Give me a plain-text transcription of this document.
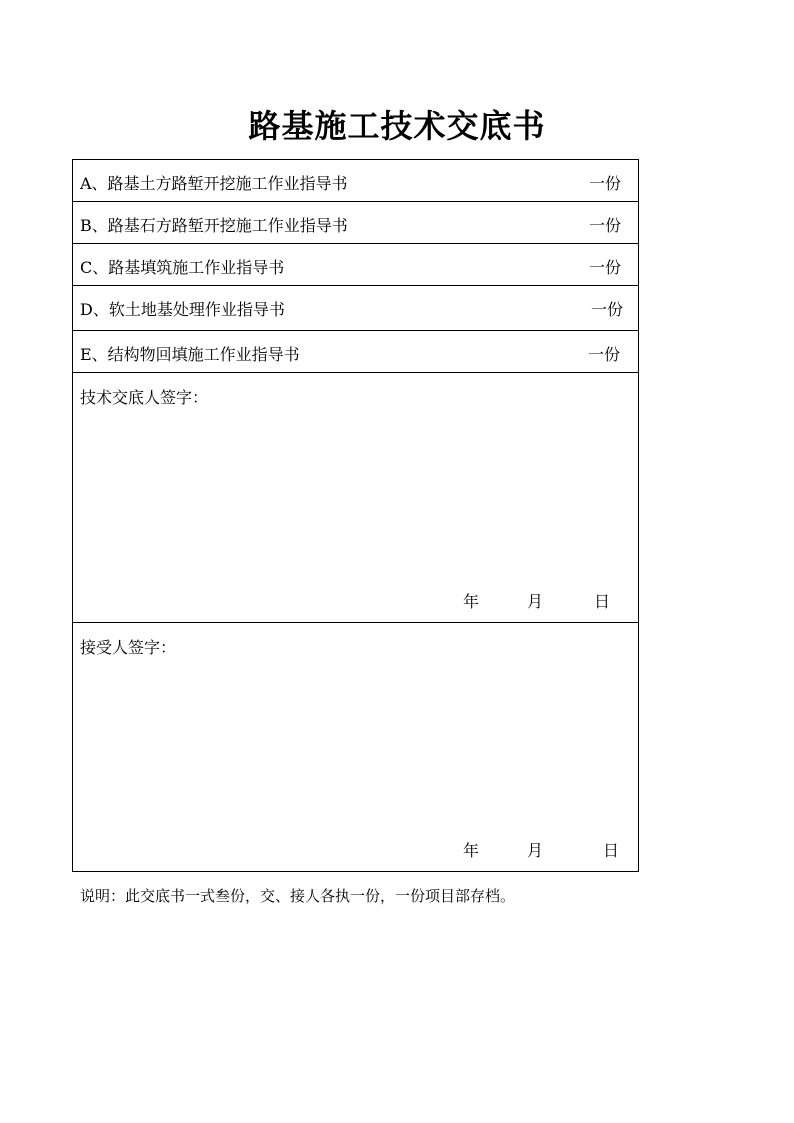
路基施工技术交底书
A、路基土方路堑开挖施工作业指导书	一份
B、路基石方路堑开挖施工作业指导书	一份
C、路基填筑施工作业指导书	一份
D、软土地基处理作业指导书	一份
E、结构物回填施工作业指导书	一份
技术交底人签字：
年	月	日
接受人签字：
年	月	日
说明：此交底书一式叁份，交、接人各执一份，一份项目部存档。
